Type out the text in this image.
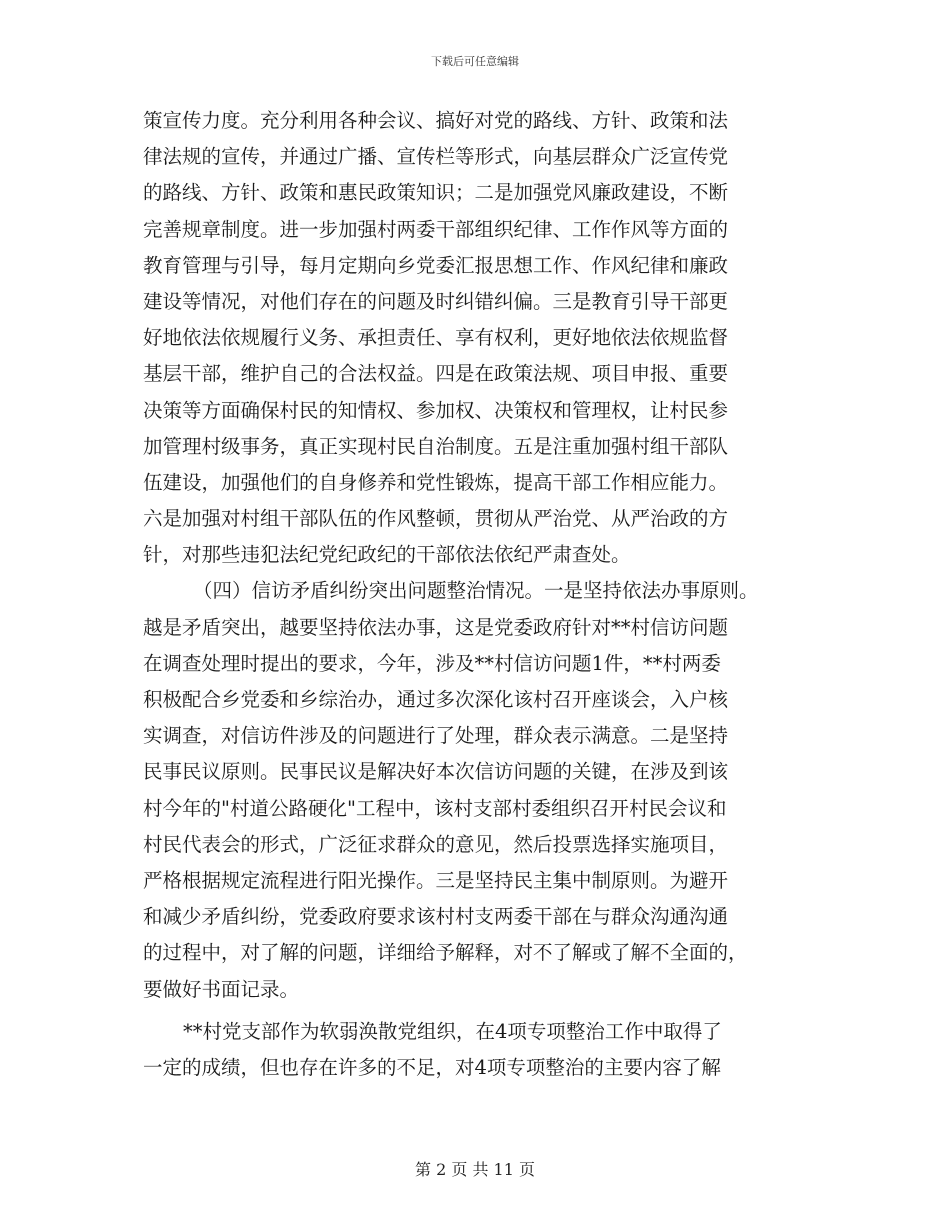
下载后可任意编辑
策宣传力度。充分利用各种会议、搞好对党的路线、方针、政策和法
律法规的宣传，并通过广播、宣传栏等形式，向基层群众广泛宣传党
的路线、方针、政策和惠民政策知识；二是加强党风廉政建设，不断
完善规章制度。进一步加强村两委干部组织纪律、工作作风等方面的
教育管理与引导，每月定期向乡党委汇报思想工作、作风纪律和廉政
建设等情况，对他们存在的问题及时纠错纠偏。三是教育引导干部更
好地依法依规履行义务、承担责任、享有权利，更好地依法依规监督
基层干部，维护自己的合法权益。四是在政策法规、项目申报、重要
决策等方面确保村民的知情权、参加权、决策权和管理权，让村民参
加管理村级事务，真正实现村民自治制度。五是注重加强村组干部队
伍建设，加强他们的自身修养和党性锻炼，提高干部工作相应能力。
六是加强对村组干部队伍的作风整顿，贯彻从严治党、从严治政的方
针，对那些违犯法纪党纪政纪的干部依法依纪严肃查处。
（四）信访矛盾纠纷突出问题整治情况。一是坚持依法办事原则。
越是矛盾突出，越要坚持依法办事，这是党委政府针对**村信访问题
在调查处理时提出的要求，今年，涉及**村信访问题1件，**村两委
积极配合乡党委和乡综治办，通过多次深化该村召开座谈会，入户核
实调查，对信访件涉及的问题进行了处理，群众表示满意。二是坚持
民事民议原则。民事民议是解决好本次信访问题的关键，在涉及到该
村今年的"村道公路硬化"工程中，该村支部村委组织召开村民会议和
村民代表会的形式，广泛征求群众的意见，然后投票选择实施项目，
严格根据规定流程进行阳光操作。三是坚持民主集中制原则。为避开
和减少矛盾纠纷，党委政府要求该村村支两委干部在与群众沟通沟通
的过程中，对了解的问题，详细给予解释，对不了解或了解不全面的，
要做好书面记录。
**村党支部作为软弱涣散党组织，在4项专项整治工作中取得了
一定的成绩，但也存在许多的不足，对4项专项整治的主要内容了解
第 2 页 共 11 页
